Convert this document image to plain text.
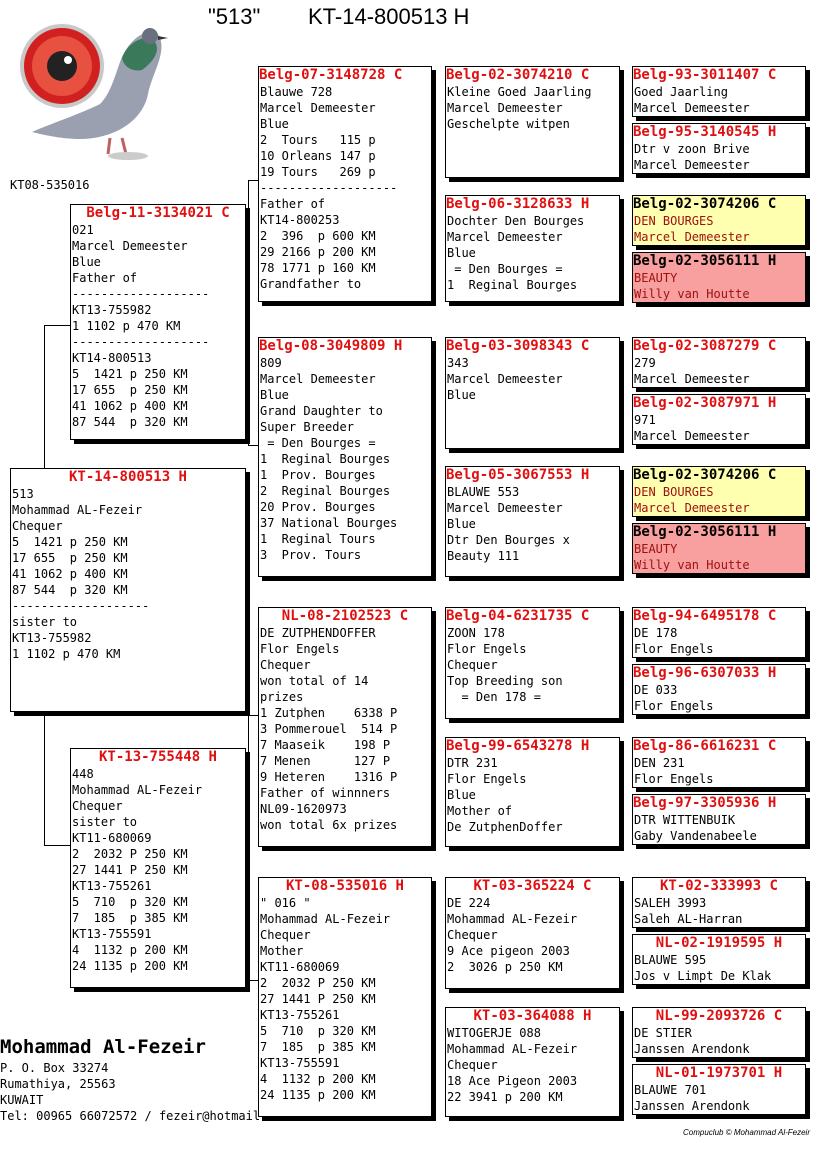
"513" KT-14-800513 H
KT08-535016
KT-14-800513 H
513
Mohammad AL-Fezeir
Chequer
5  1421 p 250 KM
17 655  p 250 KM
41 1062 p 400 KM
87 544  p 320 KM
-------------------
sister to
KT13-755982
1 1102 p 470 KM
Belg-11-3134021 C
021
Marcel Demeester
Blue
Father of
-------------------
KT13-755982
1 1102 p 470 KM
-------------------
KT14-800513
5  1421 p 250 KM
17 655  p 250 KM
41 1062 p 400 KM
87 544  p 320 KM
KT-13-755448 H
448
Mohammad AL-Fezeir
Chequer
sister to
KT11-680069
2  2032 P 250 KM
27 1441 P 250 KM
KT13-755261
5  710  p 320 KM
7  185  p 385 KM
KT13-755591
4  1132 p 200 KM
24 1135 p 200 KM
Belg-07-3148728 C
Blauwe 728
Marcel Demeester
Blue
2  Tours   115 p
10 Orleans 147 p
19 Tours   269 p
-------------------
Father of
KT14-800253
2  396  p 600 KM
29 2166 p 200 KM
78 1771 p 160 KM
Grandfather to
Belg-08-3049809 H
809
Marcel Demeester
Blue
Grand Daughter to
Super Breeder
= Den Bourges =
1  Reginal Bourges
1  Prov. Bourges
2  Reginal Bourges
20 Prov. Bourges
37 National Bourges
1  Reginal Tours
3  Prov. Tours
NL-08-2102523 C
DE ZUTPHENDOFFER
Flor Engels
Chequer
won total of 14
prizes
1 Zutphen    6338 P
3 Pommerouel  514 P
7 Maaseik    198 P
7 Menen      127 P
9 Heteren    1316 P
Father of winnners
NL09-1620973
won total 6x prizes
KT-08-535016 H
" 016 "
Mohammad AL-Fezeir
Chequer
Mother
KT11-680069
2  2032 P 250 KM
27 1441 P 250 KM
KT13-755261
5  710  p 320 KM
7  185  p 385 KM
KT13-755591
4  1132 p 200 KM
24 1135 p 200 KM
Belg-02-3074210 C
Kleine Goed Jaarling
Marcel Demeester
Geschelpte witpen
Belg-06-3128633 H
Dochter Den Bourges
Marcel Demeester
Blue
= Den Bourges =
1  Reginal Bourges
Belg-03-3098343 C
343
Marcel Demeester
Blue
Belg-05-3067553 H
BLAUWE 553
Marcel Demeester
Blue
Dtr Den Bourges x
Beauty 111
Belg-04-6231735 C
ZOON 178
Flor Engels
Chequer
Top Breeding son
= Den 178 =
Belg-99-6543278 H
DTR 231
Flor Engels
Blue
Mother of
De ZutphenDoffer
KT-03-365224 C
DE 224
Mohammad AL-Fezeir
Chequer
9 Ace pigeon 2003
2  3026 p 250 KM
KT-03-364088 H
WITOGERJE 088
Mohammad AL-Fezeir
Chequer
18 Ace Pigeon 2003
22 3941 p 200 KM
Belg-93-3011407 C
Goed Jaarling
Marcel Demeester
Belg-95-3140545 H
Dtr v zoon Brive
Marcel Demeester
Belg-02-3074206 C
DEN BOURGES
Marcel Demeester
Belg-02-3056111 H
BEAUTY
Willy van Houtte
Belg-02-3087279 C
279
Marcel Demeester
Belg-02-3087971 H
971
Marcel Demeester
Belg-02-3074206 C
DEN BOURGES
Marcel Demeester
Belg-02-3056111 H
BEAUTY
Willy van Houtte
Belg-94-6495178 C
DE 178
Flor Engels
Belg-96-6307033 H
DE 033
Flor Engels
Belg-86-6616231 C
DEN 231
Flor Engels
Belg-97-3305936 H
DTR WITTENBUIK
Gaby Vandenabeele
KT-02-333993 C
SALEH 3993
Saleh AL-Harran
NL-02-1919595 H
BLAUWE 595
Jos v Limpt De Klak
NL-99-2093726 C
DE STIER
Janssen Arendonk
NL-01-1973701 H
BLAUWE 701
Janssen Arendonk
Mohammad Al-Fezeir
P. O. Box 33274
Rumathiya, 25563
KUWAIT
Tel: 00965 66072572 / fezeir@hotmail.
Compuclub © Mohammad Al-Fezeir
